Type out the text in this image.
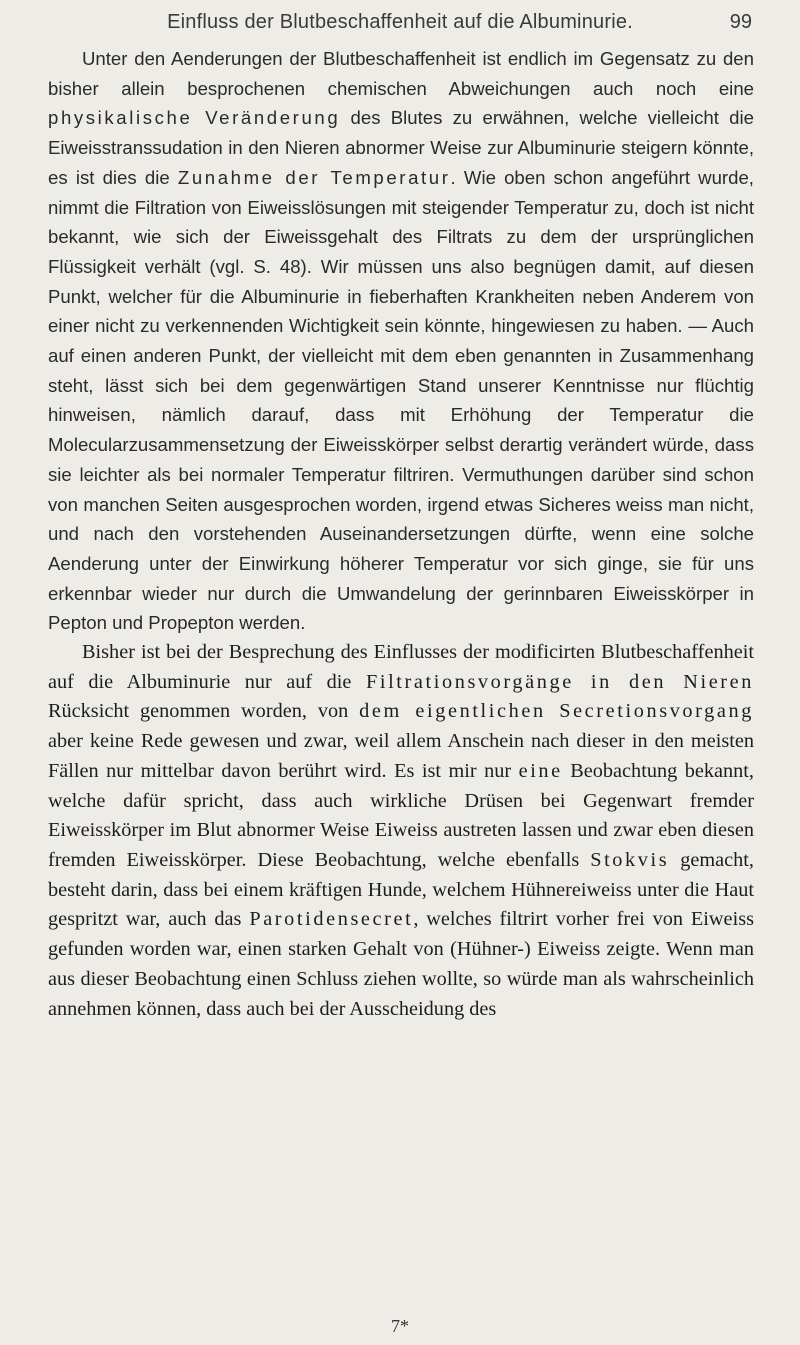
Einfluss der Blutbeschaffenheit auf die Albuminurie.	99

Unter den Aenderungen der Blutbeschaffenheit ist endlich im Gegensatz zu den bisher allein besprochenen chemischen Abweichungen auch noch eine physikalische Veränderung des Blutes zu erwähnen, welche vielleicht die Eiweisstranssudation in den Nieren abnormer Weise zur Albuminurie steigern könnte, es ist dies die Zunahme der Temperatur. Wie oben schon angeführt wurde, nimmt die Filtration von Eiweisslösungen mit steigender Temperatur zu, doch ist nicht bekannt, wie sich der Eiweissgehalt des Filtrats zu dem der ursprünglichen Flüssigkeit verhält (vgl. S. 48). Wir müssen uns also begnügen damit, auf diesen Punkt, welcher für die Albuminurie in fieberhaften Krankheiten neben Anderem von einer nicht zu verkennenden Wichtigkeit sein könnte, hingewiesen zu haben. — Auch auf einen anderen Punkt, der vielleicht mit dem eben genannten in Zusammenhang steht, lässt sich bei dem gegenwärtigen Stand unserer Kenntnisse nur flüchtig hinweisen, nämlich darauf, dass mit Erhöhung der Temperatur die Molecularzusammensetzung der Eiweisskörper selbst derartig verändert würde, dass sie leichter als bei normaler Temperatur filtriren. Vermuthungen darüber sind schon von manchen Seiten ausgesprochen worden, irgend etwas Sicheres weiss man nicht, und nach den vorstehenden Auseinandersetzungen dürfte, wenn eine solche Aenderung unter der Einwirkung höherer Temperatur vor sich ginge, sie für uns erkennbar wieder nur durch die Umwandelung der gerinnbaren Eiweisskörper in Pepton und Propepton werden.

Bisher ist bei der Besprechung des Einflusses der modificirten Blutbeschaffenheit auf die Albuminurie nur auf die Filtrationsvorgänge in den Nieren Rücksicht genommen worden, von dem eigentlichen Secretionsvorgang aber keine Rede gewesen und zwar, weil allem Anschein nach dieser in den meisten Fällen nur mittelbar davon berührt wird. Es ist mir nur eine Beobachtung bekannt, welche dafür spricht, dass auch wirkliche Drüsen bei Gegenwart fremder Eiweisskörper im Blut abnormer Weise Eiweiss austreten lassen und zwar eben diesen fremden Eiweisskörper. Diese Beobachtung, welche ebenfalls Stokvis gemacht, besteht darin, dass bei einem kräftigen Hunde, welchem Hühnereiweiss unter die Haut gespritzt war, auch das Parotidensecret, welches filtrirt vorher frei von Eiweiss gefunden worden war, einen starken Gehalt von (Hühner-) Eiweiss zeigte. Wenn man aus dieser Beobachtung einen Schluss ziehen wollte, so würde man als wahrscheinlich annehmen können, dass auch bei der Ausscheidung des

7*
